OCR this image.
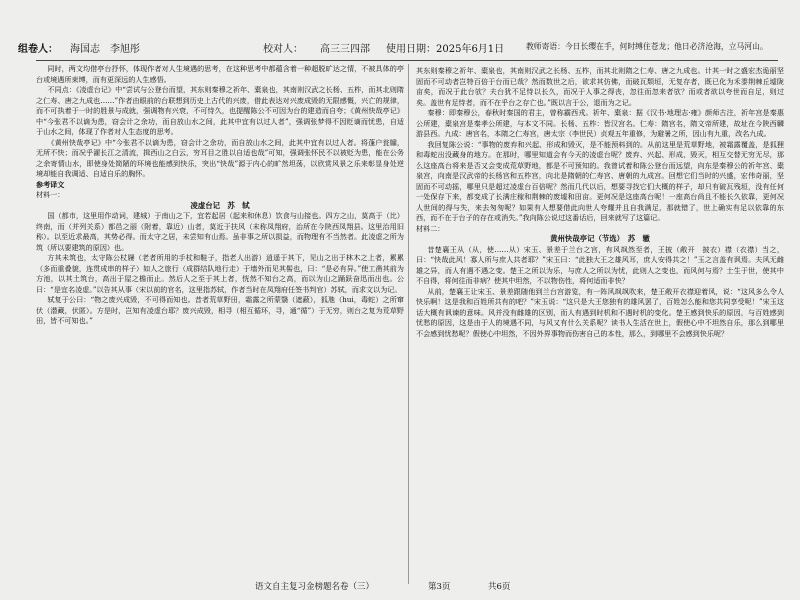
组卷人： 海国志　李旭彤	校对人： 高三三四部 使用日期：2025年6月1日	教师寄语：今日长缨在手，何时缚住苍龙；他日必济沧海，立马河山。

同时，两文均借亭台抒怀，体现作者对人生境遇的思考，在这种思考中都蕴含着一种超脱旷达之情，不被具体的亭台或境遇所束缚，而有更深远的人生感悟。

不同点：《凌虚台记》中“尝试与公登台而望，其东则秦穆之祈年、橐泉也，其南则汉武之长杨、五柞，而其北则隋之仁寿、唐之九成也……”作者由眼前的台联想到历史上古代的兴废，借此表达对兴废成毁的无限感慨，兴亡的规律，而不可执着于一时的胜景与成就，强调物有兴衰，不可恃久，也提醒陈公不可因为台的建造而自夸；《黄州快哉亭记》中“今张君不以谪为患，窃会计之余功，而自放山水之间，此其中宜有以过人者”，强调张梦得不因贬谪而忧患，自适于山水之间，体现了作者对人生态度的思考。

《黄州快哉亭记》中“今张君不以谪为患，窃会计之余功，而自放山水之间，此其中宜有以过人者。将蓬户瓮牖，无所不快；而况乎濯长江之清流，揖西山之白云，穷耳目之胜以自适也哉”可知，强调张怀民不以被贬为患，能在公务之余寄情山水，即使身处简陋的环境也能感到快乐，突出“快哉”源于内心的旷然坦荡，以欣赏风景之乐来彰显身处逆境却能自我调适、自适自乐的胸怀。

参考译文

材料一：

凌虚台记　苏　轼

国（都市，这里用作动词，建城）于南山之下，宜若起居（起来和休息）饮食与山接也。四方之山，莫高于（比）终南，而（并列关系）都邑之丽（附着，靠近）山者，莫近于扶风（末称凤翔府，治所在今陕西凤翔县。这里治用旧称）。以至近求最高，其势必得。而太守之居，未尝知有山焉。虽非事之所以损益，而物理有不当然者。此凌虚之所为筑（所以要建筑的原因）也。

方其未筑也，太守陈公杖屦（老者所用的手杖和鞋子，指老人出游）逍遥于其下，见山之出于林木之上者，累累（多而重叠貌，连贯成串的样子）如人之旅行（成群结队地行走）于墙外而见其髻也，曰：“是必有异。”使工凿其前为方池，以其土筑台，高出于屋之檐而止。然后人之至于其上者，恍然不知台之高，而以为山之踊跃奋迅而出也。公曰：“是宜名凌虚。”以告其从事（宋以前的官名，这里指苏轼，作者当时在凤翔府任签书判官）苏轼，而求文以为记。

轼复于公曰：“物之废兴成毁，不可得而知也。昔者荒草野田，霜露之所蒙翳（遮蔽），狐虺（hui，毒蛇）之所窜伏（潜藏，伏匿）。方是时，岂知有凌虚台耶？废兴成毁，相寻（相互循环，寻，通“循”）于无穷，则台之复为荒草野田，皆不可知也。”

其东则秦穆之祈年、橐泉也，其南则汉武之长杨、五柞，而其北则隋之仁寿、唐之九成也。计其一时之盛宏杰诡丽坚固而不可动者岂特百倍于台而已哉？然而数世之后，欲求其仿佛，而破瓦颓垣，无复存者，既已化为禾黍荆棘丘墟陇亩矣，而况于此台欤？夫台犹不足恃以长久，而况于人事之得丧，忽往而忽来者欤？而或者欲以夸世而自足，则过矣。盖世有足恃者，而不在乎台之存亡也。”既以言于公，退而为之记。

秦穆：即秦穆公，春秋时秦国的君主，曾称霸西戎。祈年、橐泉：据《汉书·地理志·雍》颜师古注，祈年宫是秦惠公所建，橐泉宫是秦孝公所建，与本文不同。长杨、五柞：皆汉宫名。仁寿：隋宫名，隋文帝所建，故址在今陕西麟游县西。九成：唐宫名，本隋之仁寿宫，唐太宗（李世民）贞观五年重修，为避暑之所，因山有九重，改名九成。

我回复陈公说：“事物的废弃和兴起、形成和毁灭，是不能预料到的。从前这里是荒草野地，被霜露覆盖，是狐狸和毒蛇出没藏身的地方。在那时，哪里知道会有今天的凌虚台呢？废弃、兴起、形成、毁灭，相互交替无穷无尽，那么这座高台将来是否又会变成荒草野地，都是不可预知的。我曾试着和陈公登台而远望，向东是秦穆公的祈年宫、橐泉宫，向南是汉武帝的长杨宫和五柞宫，向北是隋朝的仁寿宫、唐朝的九成宫。回想它们当时的兴盛，宏伟奇丽，坚固而不可动摇，哪里只是超过凌虚台百倍呢？然而几代以后，想要寻找它们大概的样子，却只有破瓦残垣，没有任何一处保存下来，都变成了长满庄稼和荆棘的废墟和田亩。更何况是这座高台呢！一座高台尚且不能长久依靠，更何况人世间的得与失，来去匆匆呢？如果有人想要借此向世人夸耀并且自我满足，那就错了，世上确实有足以依靠的东西，而不在于台子的存在或消失。”我向陈公说过这番话后，回来就写了这篇记。

材料二：

黄州快哉亭记（节选）　苏　辙

昔楚襄王从（从，使……从）宋玉、景差于兰台之宫，有风飒然至者，王披（敞开　披衣）襟（衣襟）当之，曰：“快哉此风！寡人所与庶人共者耶？”宋玉曰：“此独大王之雄风耳，庶人安得共之！”玉之言盖有讽焉。夫风无雌雄之异，而人有遇不遇之变。楚王之所以为乐，与庶人之所以为忧，此则人之变也，而风何与焉？士生于世，使其中不自得，将何往而非病？使其中坦然，不以物伤性，将何适而非快？

从前，楚襄王让宋玉、景差跟随他到兰台宫游览，有一阵风飒飒吹来，楚王敞开衣襟迎着风，说：“这风多么令人快乐啊！这是我和百姓所共有的吧？”宋玉说：“这只是大王您独有的雄风罢了，百姓怎么能和您共同享受呢！”宋玉这话大概有讽谏的意味。风并没有雌雄的区别，而人有遇到时机和不遇时机的变化。楚王感到快乐的原因，与百姓感到忧愁的原因，这是由于人的境遇不同，与风又有什么关系呢？读书人生活在世上，假使心中不坦然自乐，那么到哪里不会感到忧愁呢？假使心中坦然，不因外界事物而伤害自己的本性，那么，到哪里不会感到快乐呢？

语文自主复习金榜题名卷（三）	第3页	共6页
